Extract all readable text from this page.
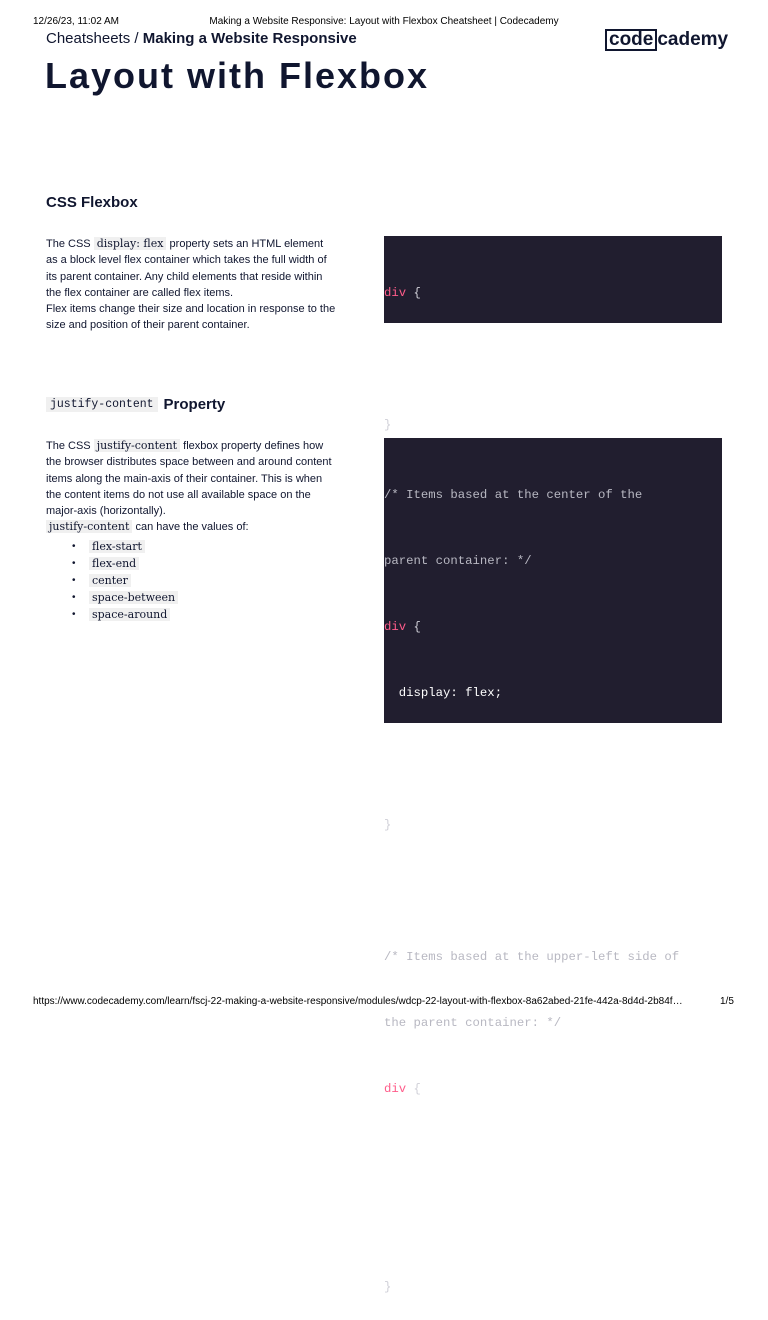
12/26/23, 11:02 AM	Making a Website Responsive: Layout with Flexbox Cheatsheet | Codecademy
Cheatsheets / Making a Website Responsive	code cademy
Layout with Flexbox
CSS Flexbox

The CSS display: flex property sets an HTML element as a block level flex container which takes the full width of its parent container. Any child elements that reside within the flex container are called flex items.

Flex items change their size and location in response to the size and position of their parent container.

div {

display: flex;

}

justify-content Property

The CSS justify-content flexbox property defines how the browser distributes space between and around content items along the main-axis of their container. This is when the content items do not use all available space on the major-axis (horizontally).

justify-content can have the values of:

• flex-start
• flex-end
• center
• space-between
• space-around

/* Items based at the center of the

parent container: */

div {

display: flex;

justify-content: center;

}

/* Items based at the upper-left side of

the parent container: */

div {

display: flex;

justify-content: flex-start;

}

https://www.codecademy.com/learn/fscj-22-making-a-website-responsive/modules/wdcp-22-layout-with-flexbox-8a62abed-21fe-442a-8d4d-2b84f…	1/5
